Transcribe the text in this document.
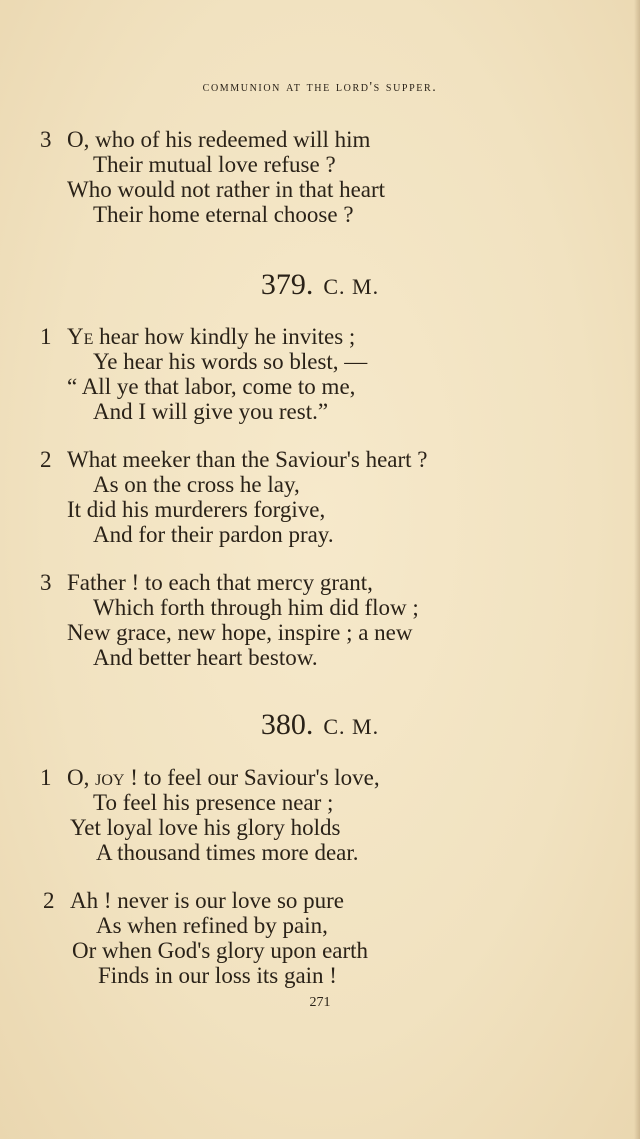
communion at the lord's supper.
3 O, who of his redeemed will him
Their mutual love refuse ?
Who would not rather in that heart
Their home eternal choose ?
379. C. M.
1 Ye hear how kindly he invites ;
Ye hear his words so blest, —
“ All ye that labor, come to me,
And I will give you rest.”
2 What meeker than the Saviour's heart ?
As on the cross he lay,
It did his murderers forgive,
And for their pardon pray.
3 Father ! to each that mercy grant,
Which forth through him did flow ;
New grace, new hope, inspire ; a new
And better heart bestow.
380. C. M.
1 O, joy ! to feel our Saviour's love,
To feel his presence near ;
Yet loyal love his glory holds
A thousand times more dear.
2 Ah ! never is our love so pure
As when refined by pain,
Or when God's glory upon earth
Finds in our loss its gain !
271
